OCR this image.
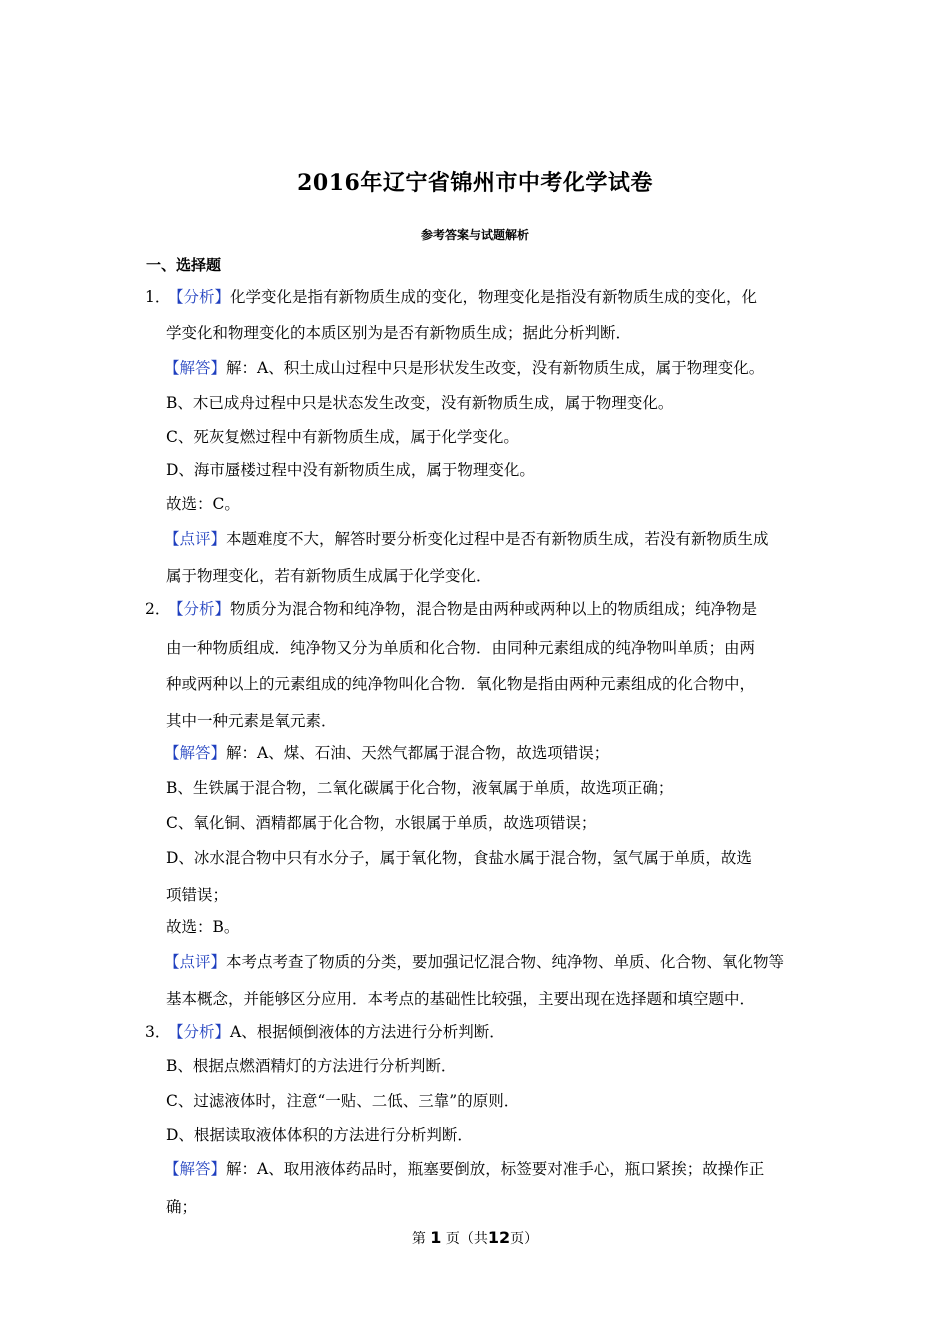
2016年辽宁省锦州市中考化学试卷
参考答案与试题解析
一、选择题
1．
【分析】化学变化是指有新物质生成的变化，物理变化是指没有新物质生成的变化，化
学变化和物理变化的本质区别为是否有新物质生成；据此分析判断．
【解答】解：A、积土成山过程中只是形状发生改变，没有新物质生成，属于物理变化。
B、木已成舟过程中只是状态发生改变，没有新物质生成，属于物理变化。
C、死灰复燃过程中有新物质生成，属于化学变化。
D、海市蜃楼过程中没有新物质生成，属于物理变化。
故选：C。
【点评】本题难度不大，解答时要分析变化过程中是否有新物质生成，若没有新物质生成
属于物理变化，若有新物质生成属于化学变化．
2．
【分析】物质分为混合物和纯净物，混合物是由两种或两种以上的物质组成；纯净物是
由一种物质组成．纯净物又分为单质和化合物．由同种元素组成的纯净物叫单质；由两
种或两种以上的元素组成的纯净物叫化合物．氧化物是指由两种元素组成的化合物中，
其中一种元素是氧元素．
【解答】解：A、煤、石油、天然气都属于混合物，故选项错误；
B、生铁属于混合物，二氧化碳属于化合物，液氧属于单质，故选项正确；
C、氧化铜、酒精都属于化合物，水银属于单质，故选项错误；
D、冰水混合物中只有水分子，属于氧化物，食盐水属于混合物，氢气属于单质，故选
项错误；
故选：B。
【点评】本考点考查了物质的分类，要加强记忆混合物、纯净物、单质、化合物、氧化物等
基本概念，并能够区分应用．本考点的基础性比较强，主要出现在选择题和填空题中．
3．
【分析】A、根据倾倒液体的方法进行分析判断．
B、根据点燃酒精灯的方法进行分析判断．
C、过滤液体时，注意“一贴、二低、三靠”的原则．
D、根据读取液体体积的方法进行分析判断．
【解答】解：A、取用液体药品时，瓶塞要倒放，标签要对准手心，瓶口紧挨；故操作正
确；
第 1 页（共12页）
